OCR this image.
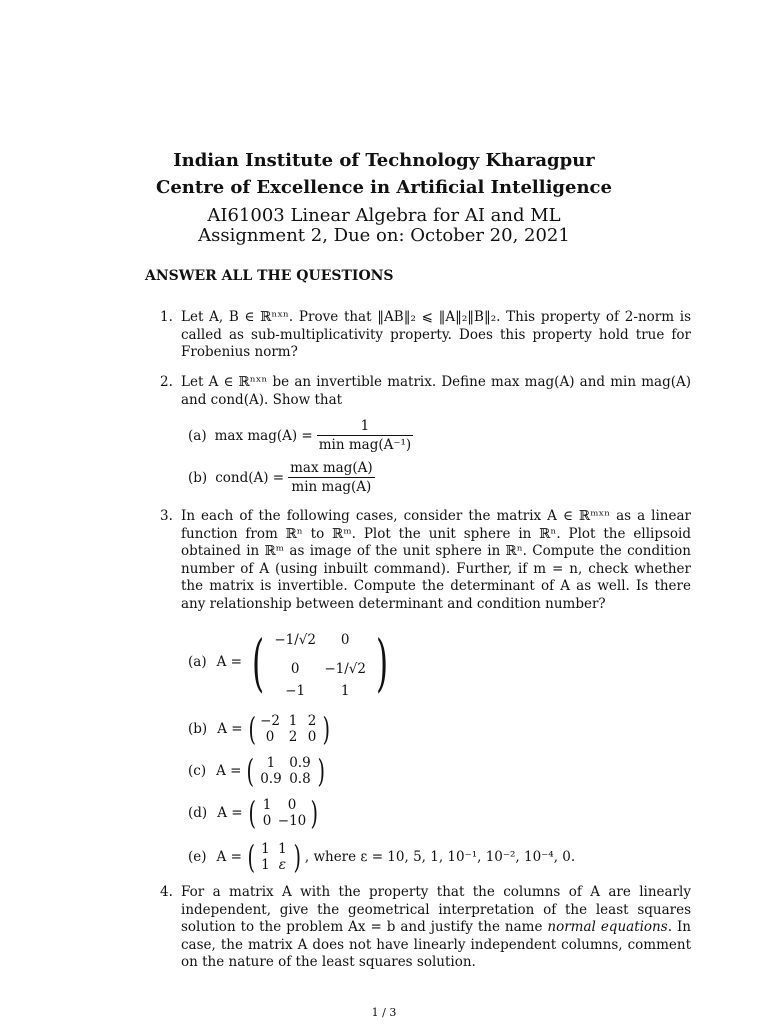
Indian Institute of Technology Kharagpur
Centre of Excellence in Artificial Intelligence
AI61003 Linear Algebra for AI and ML
Assignment 2, Due on: October 20, 2021
ANSWER ALL THE QUESTIONS
1. Let A, B ∈ ℝⁿˣⁿ. Prove that ‖AB‖₂ ⩽ ‖A‖₂‖B‖₂. This property of 2-norm is called as sub-multiplicativity property. Does this property hold true for Frobenius norm?
2. Let A ∈ ℝⁿˣⁿ be an invertible matrix. Define max mag(A) and min mag(A) and cond(A). Show that
(a) $\max mag(A) = \frac{1}{\text{min mag(A⁻¹)}}$
(b) cond(A) = $\frac{\text{max mag(A)}}{\text{min mag(A)}}$
3. In each of the following cases, consider the matrix A ∈ ℝᵐˣⁿ as a linear function from ℝⁿ to ℝᵐ. Plot the unit sphere in ℝⁿ. Plot the ellipsoid obtained in ℝᵐ as image of the unit sphere in ℝⁿ. Compute the condition number of A (using inbuilt command). Further, if m = n, check whether the matrix is invertible. Compute the determinant of A as well. Is there any relationship between determinant and condition number?
(a) A = ( −1/√2	0
0	−1/√2
−1	1 )
(b) A = ( −2 1 2
0	2 0 )
(c) A = ( 1	0.9
0.9 0.8 )
(d) A = ( 1	0
0 −10 )
(e) A = ( 1 1
1 ε ) , where ε = 10, 5, 1, 10⁻¹, 10⁻², 10⁻⁴, 0.
4. For a matrix A with the property that the columns of A are linearly independent, give the geometrical interpretation of the least squares solution to the problem Ax = b and justify the name normal equations. In case, the matrix A does not have linearly independent columns, comment on the nature of the least squares solution.
1 / 3
